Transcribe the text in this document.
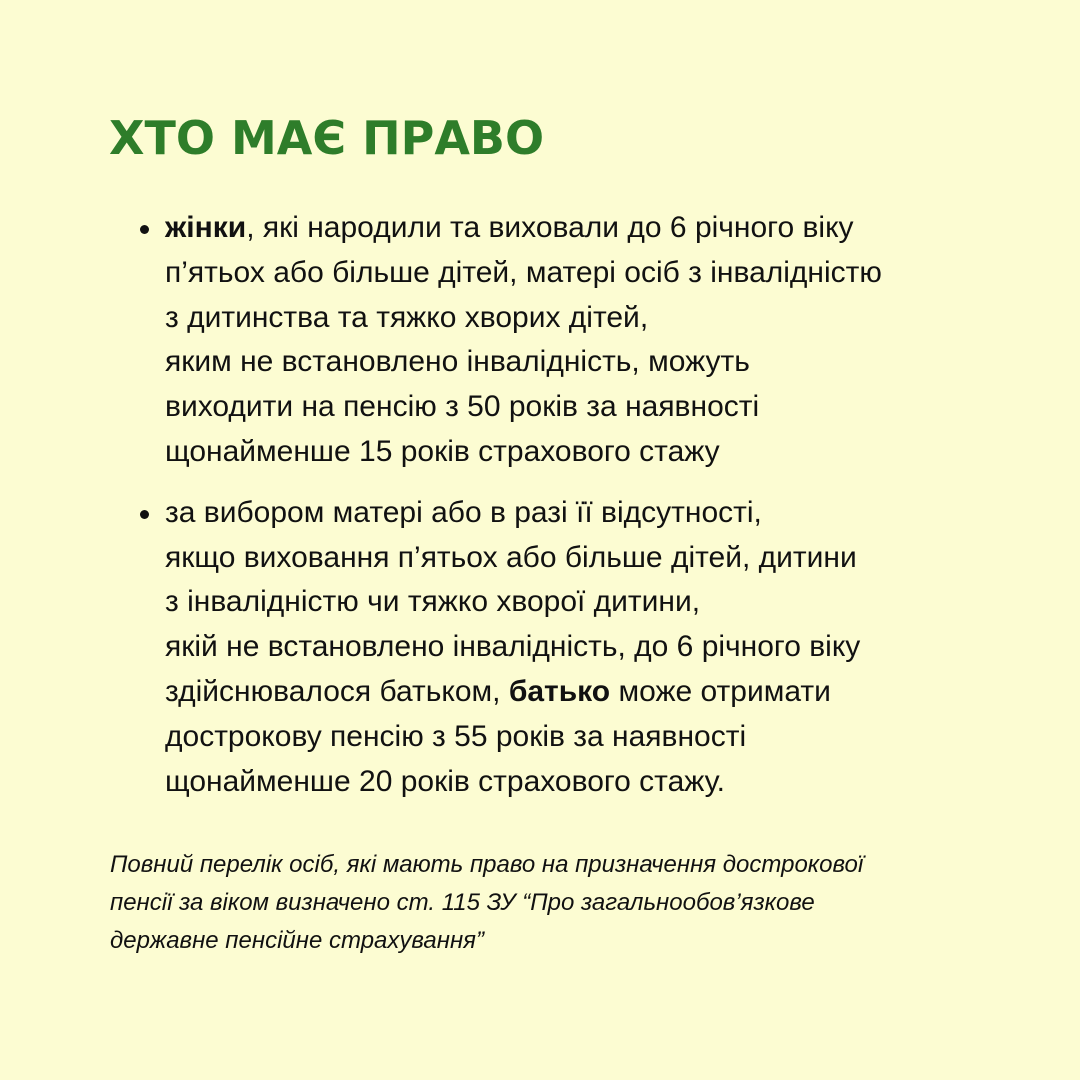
ХТО МАЄ ПРАВО
жінки, які народили та виховали до 6 річного віку
п’ятьох або більше дітей, матері осіб з інвалідністю
з дитинства та тяжко хворих дітей,
яким не встановлено інвалідність, можуть
виходити на пенсію з 50 років за наявності
щонайменше 15 років страхового стажу
за вибором матері або в разі її відсутності,
якщо виховання п’ятьох або більше дітей, дитини
з інвалідністю чи тяжко хворої дитини,
якій не встановлено інвалідність, до 6 річного віку
здійснювалося батьком, батько може отримати
дострокову пенсію з 55 років за наявності
щонайменше 20 років страхового стажу.
Повний перелік осіб, які мають право на призначення дострокової
пенсії за віком визначено ст. 115 ЗУ “Про загальнообов’язкове
державне пенсійне страхування”
